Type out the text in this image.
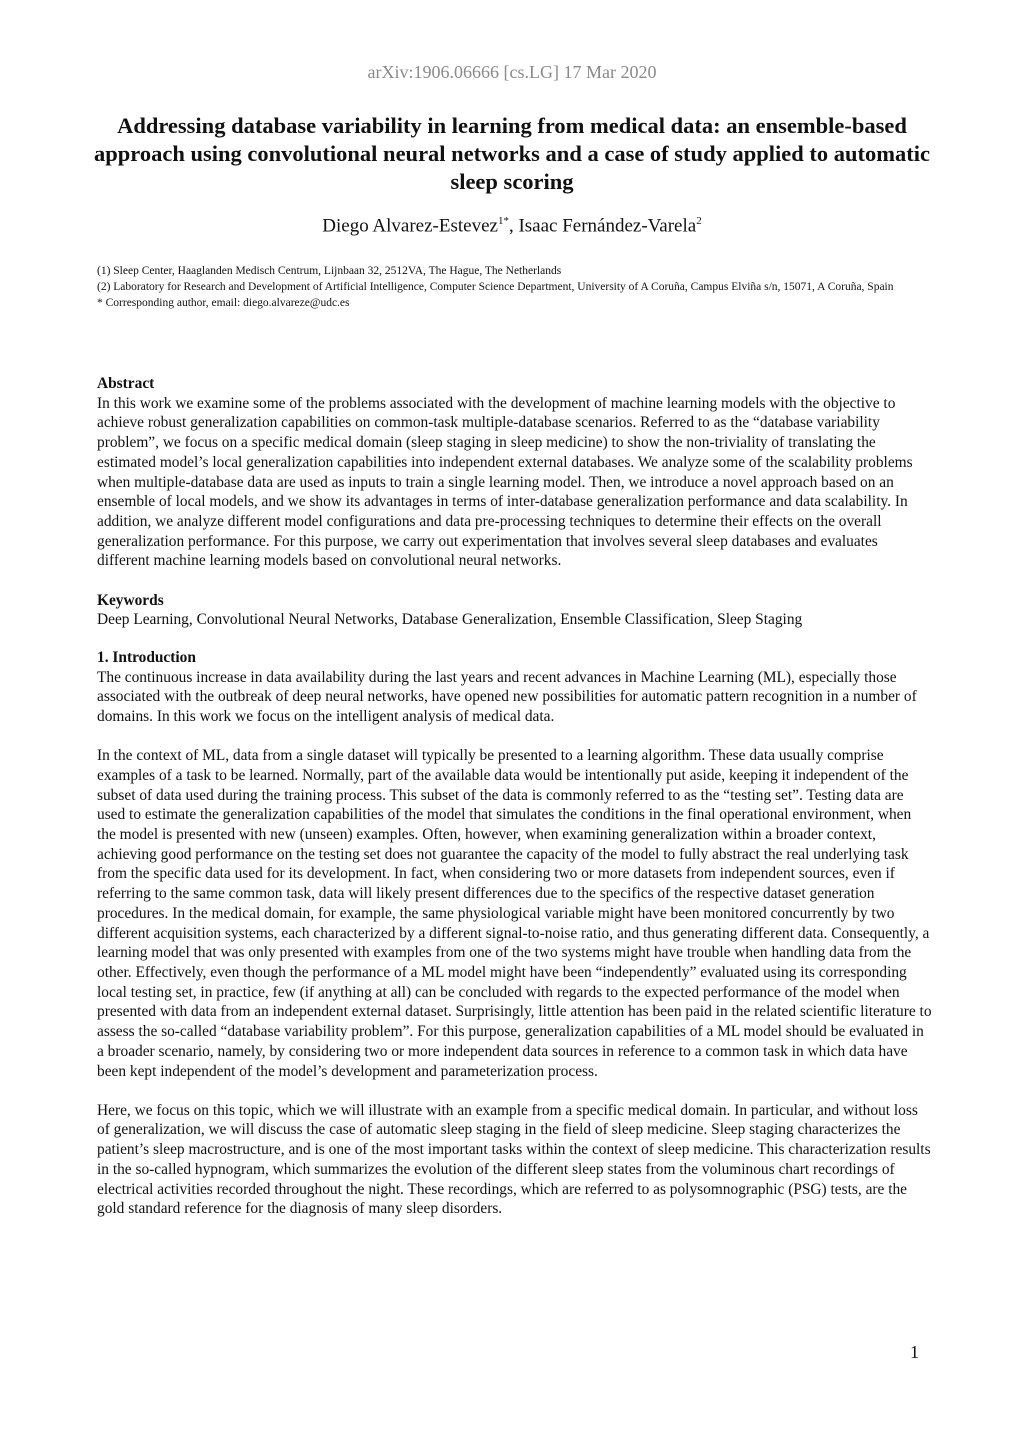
arXiv:1906.06666 [cs.LG] 17 Mar 2020
Addressing database variability in learning from medical data: an ensemble-based approach using convolutional neural networks and a case of study applied to automatic sleep scoring
Diego Alvarez-Estevez$^{1*}$, Isaac Fernández-Varela$^2$
(1) Sleep Center, Haaglanden Medisch Centrum, Lijnbaan 32, 2512VA, The Hague, The Netherlands
(2) Laboratory for Research and Development of Artificial Intelligence, Computer Science Department, University of A Coruña, Campus Elviña s/n, 15071, A Coruña, Spain
* Corresponding author, email: diego.alvareze@udc.es

Abstract

In this work we examine some of the problems associated with the development of machine learning models with the objective to achieve robust generalization capabilities on common-task multiple-database scenarios. Referred to as the “database variability problem”, we focus on a specific medical domain (sleep staging in sleep medicine) to show the non-triviality of translating the estimated model’s local generalization capabilities into independent external databases. We analyze some of the scalability problems when multiple-database data are used as inputs to train a single learning model. Then, we introduce a novel approach based on an ensemble of local models, and we show its advantages in terms of inter-database generalization performance and data scalability. In addition, we analyze different model configurations and data pre-processing techniques to determine their effects on the overall generalization performance. For this purpose, we carry out experimentation that involves several sleep databases and evaluates different machine learning models based on convolutional neural networks.

Keywords

Deep Learning, Convolutional Neural Networks, Database Generalization, Ensemble Classification, Sleep Staging

1. Introduction

The continuous increase in data availability during the last years and recent advances in Machine Learning (ML), especially those associated with the outbreak of deep neural networks, have opened new possibilities for automatic pattern recognition in a number of domains. In this work we focus on the intelligent analysis of medical data.

In the context of ML, data from a single dataset will typically be presented to a learning algorithm. These data usually comprise examples of a task to be learned. Normally, part of the available data would be intentionally put aside, keeping it independent of the subset of data used during the training process. This subset of the data is commonly referred to as the “testing set”. Testing data are used to estimate the generalization capabilities of the model that simulates the conditions in the final operational environment, when the model is presented with new (unseen) examples. Often, however, when examining generalization within a broader context, achieving good performance on the testing set does not guarantee the capacity of the model to fully abstract the real underlying task from the specific data used for its development. In fact, when considering two or more datasets from independent sources, even if referring to the same common task, data will likely present differences due to the specifics of the respective dataset generation procedures. In the medical domain, for example, the same physiological variable might have been monitored concurrently by two different acquisition systems, each characterized by a different signal-to-noise ratio, and thus generating different data. Consequently, a learning model that was only presented with examples from one of the two systems might have trouble when handling data from the other. Effectively, even though the performance of a ML model might have been “independently” evaluated using its corresponding local testing set, in practice, few (if anything at all) can be concluded with regards to the expected performance of the model when presented with data from an independent external dataset. Surprisingly, little attention has been paid in the related scientific literature to assess the so-called “database variability problem”. For this purpose, generalization capabilities of a ML model should be evaluated in a broader scenario, namely, by considering two or more independent data sources in reference to a common task in which data have been kept independent of the model’s development and parameterization process.

Here, we focus on this topic, which we will illustrate with an example from a specific medical domain. In particular, and without loss of generalization, we will discuss the case of automatic sleep staging in the field of sleep medicine. Sleep staging characterizes the patient’s sleep macrostructure, and is one of the most important tasks within the context of sleep medicine. This characterization results in the so-called hypnogram, which summarizes the evolution of the different sleep states from the voluminous chart recordings of electrical activities recorded throughout the night. These recordings, which are referred to as polysomnographic (PSG) tests, are the gold standard reference for the diagnosis of many sleep disorders.

1
